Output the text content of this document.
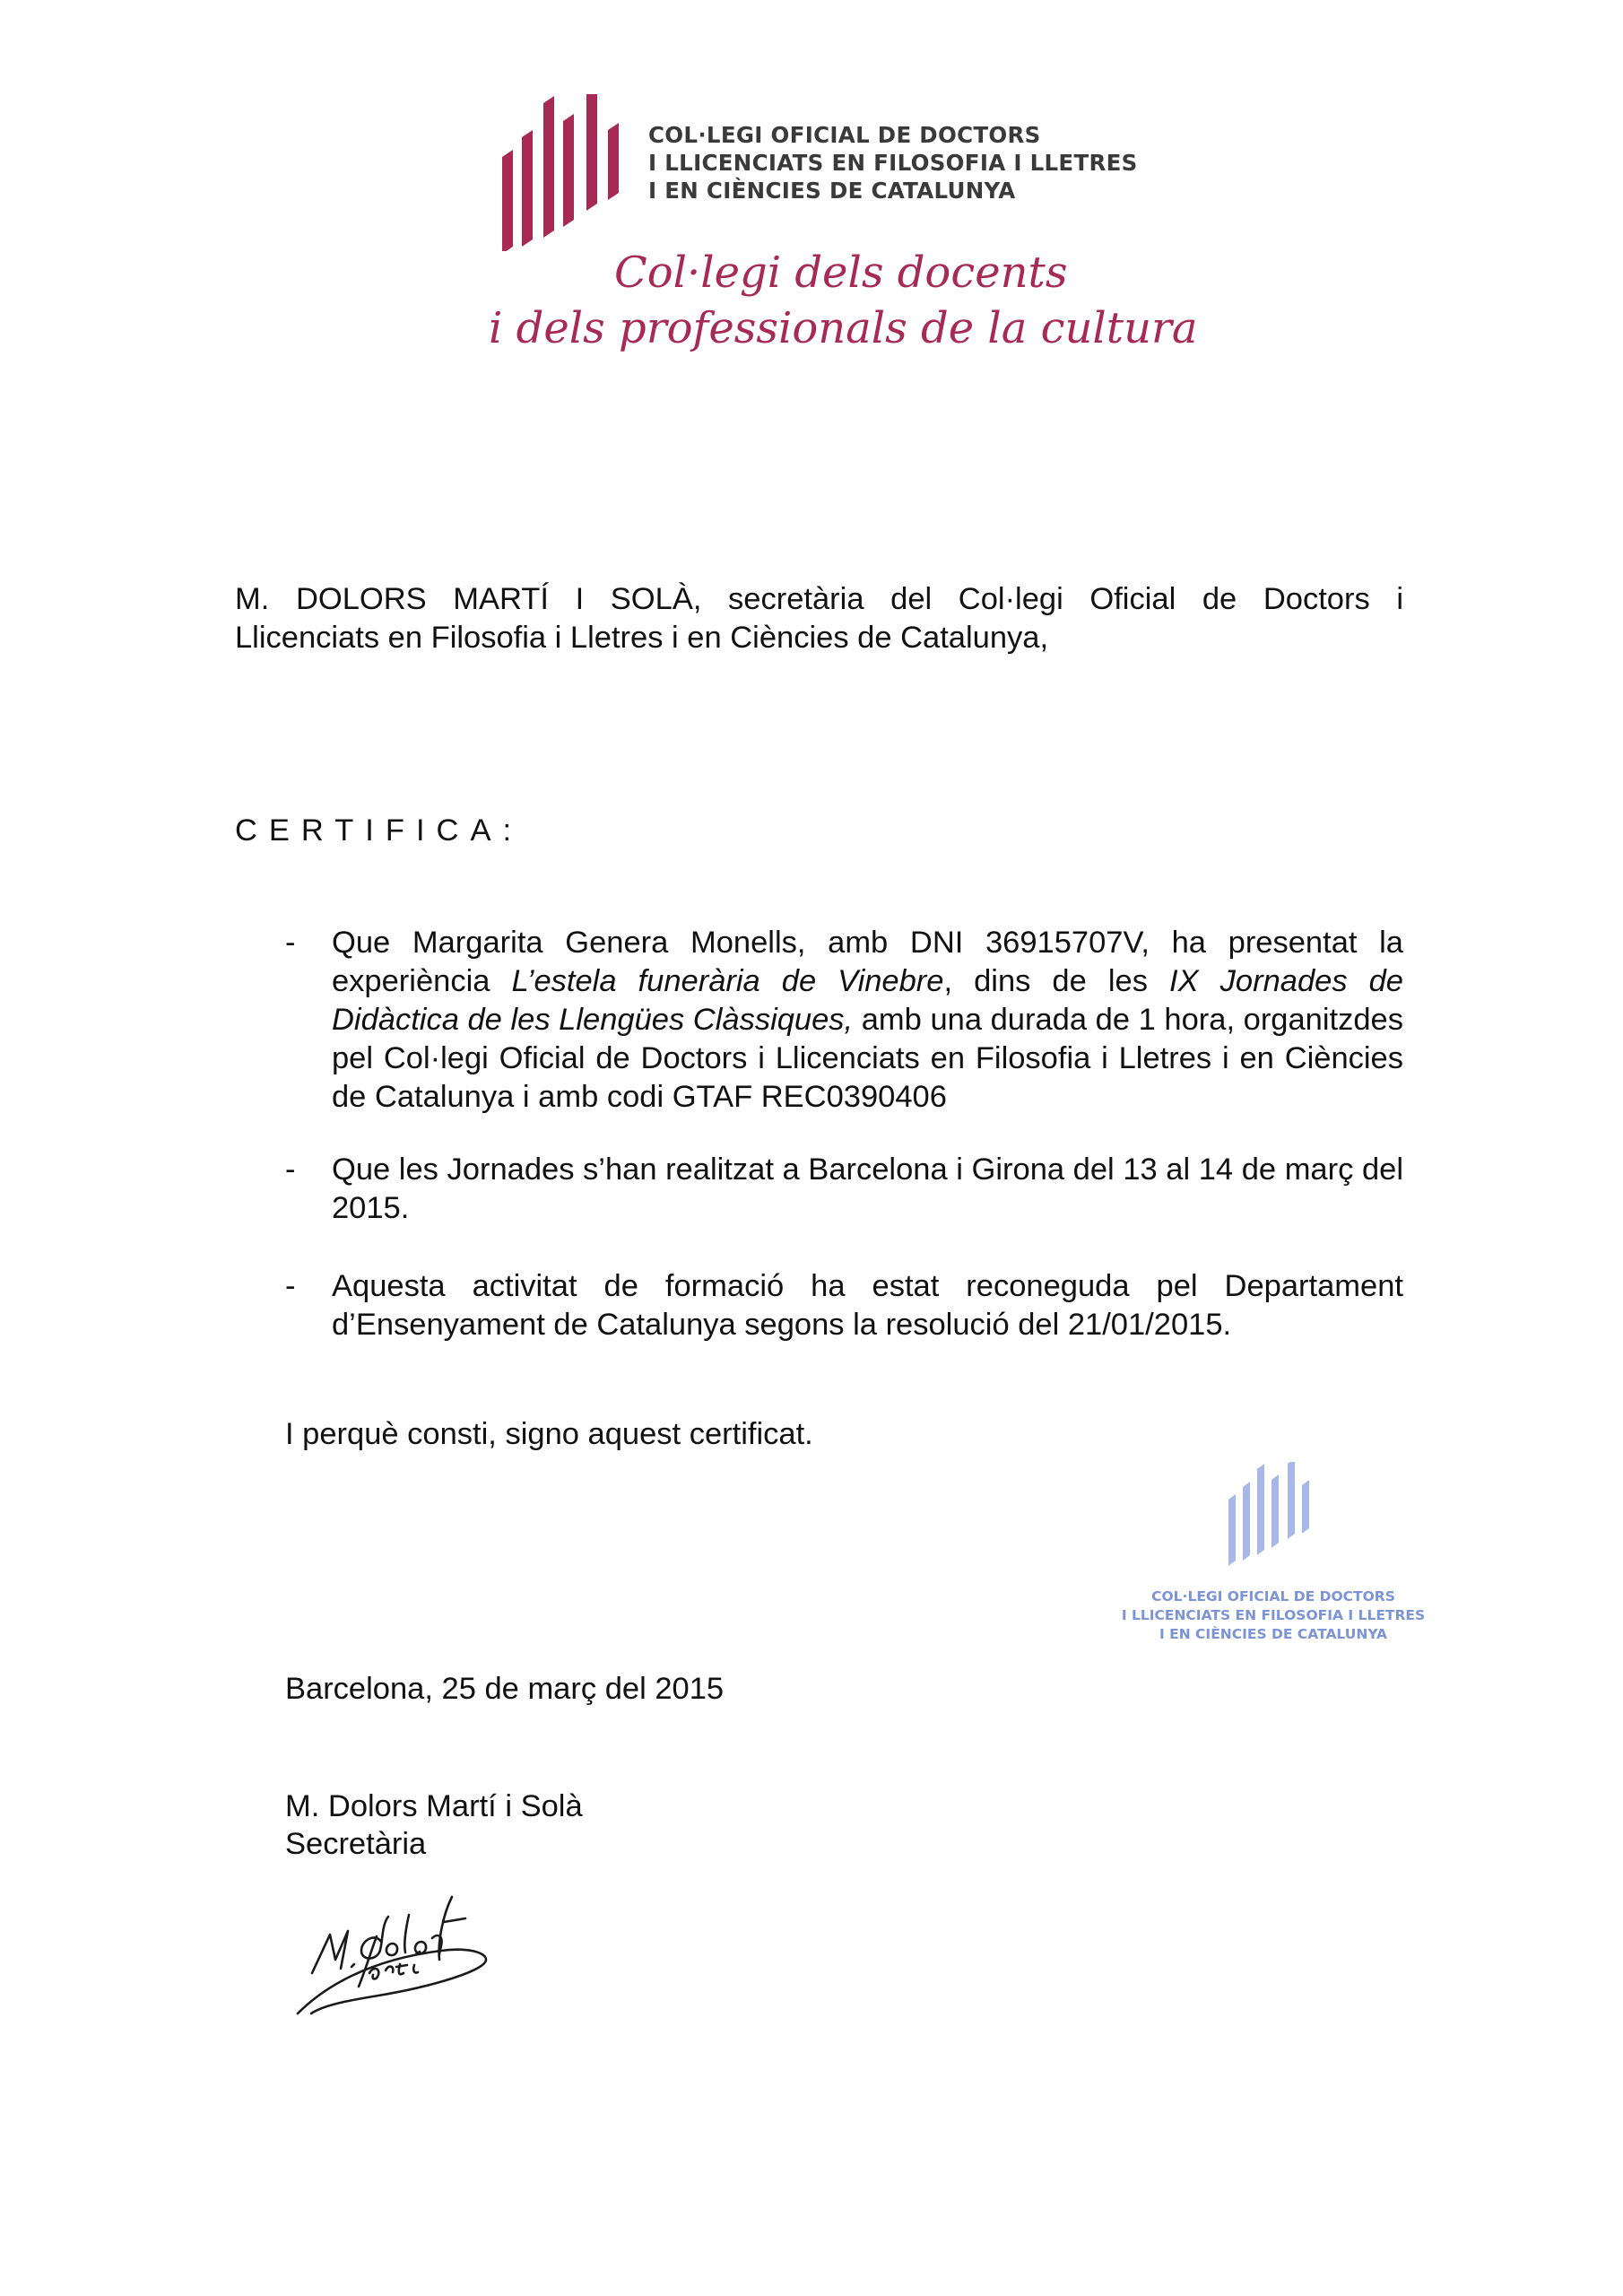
COL·LEGI OFICIAL DE DOCTORS
I LLICENCIATS EN FILOSOFIA I LLETRES
I EN CIÈNCIES DE CATALUNYA
Col·legi dels docents
i dels professionals de la cultura
M. DOLORS MARTÍ I SOLÀ, secretària del Col·legi Oficial de Doctors i
Llicenciats en Filosofia i Lletres i en Ciències de Catalunya,
CERTIFICA:
- Que Margarita Genera Monells, amb DNI 36915707V, ha presentat la experiència L’estela funerària de Vinebre, dins de les IX Jornades de Didàctica de les Llengües Clàssiques, amb una durada de 1 hora, organitzdes pel Col·legi Oficial de Doctors i Llicenciats en Filosofia i Lletres i en Ciències de Catalunya i amb codi GTAF REC0390406
- Que les Jornades s’han realitzat a Barcelona i Girona del 13 al 14 de març del 2015.
- Aquesta activitat de formació ha estat reconeguda pel Departament d’Ensenyament de Catalunya segons la resolució del 21/01/2015.
I perquè consti, signo aquest certificat.
COL·LEGI OFICIAL DE DOCTORS
I LLICENCIATS EN FILOSOFIA I LLETRES
I EN CIÈNCIES DE CATALUNYA
Barcelona, 25 de març del 2015
M. Dolors Martí i Solà
Secretària
